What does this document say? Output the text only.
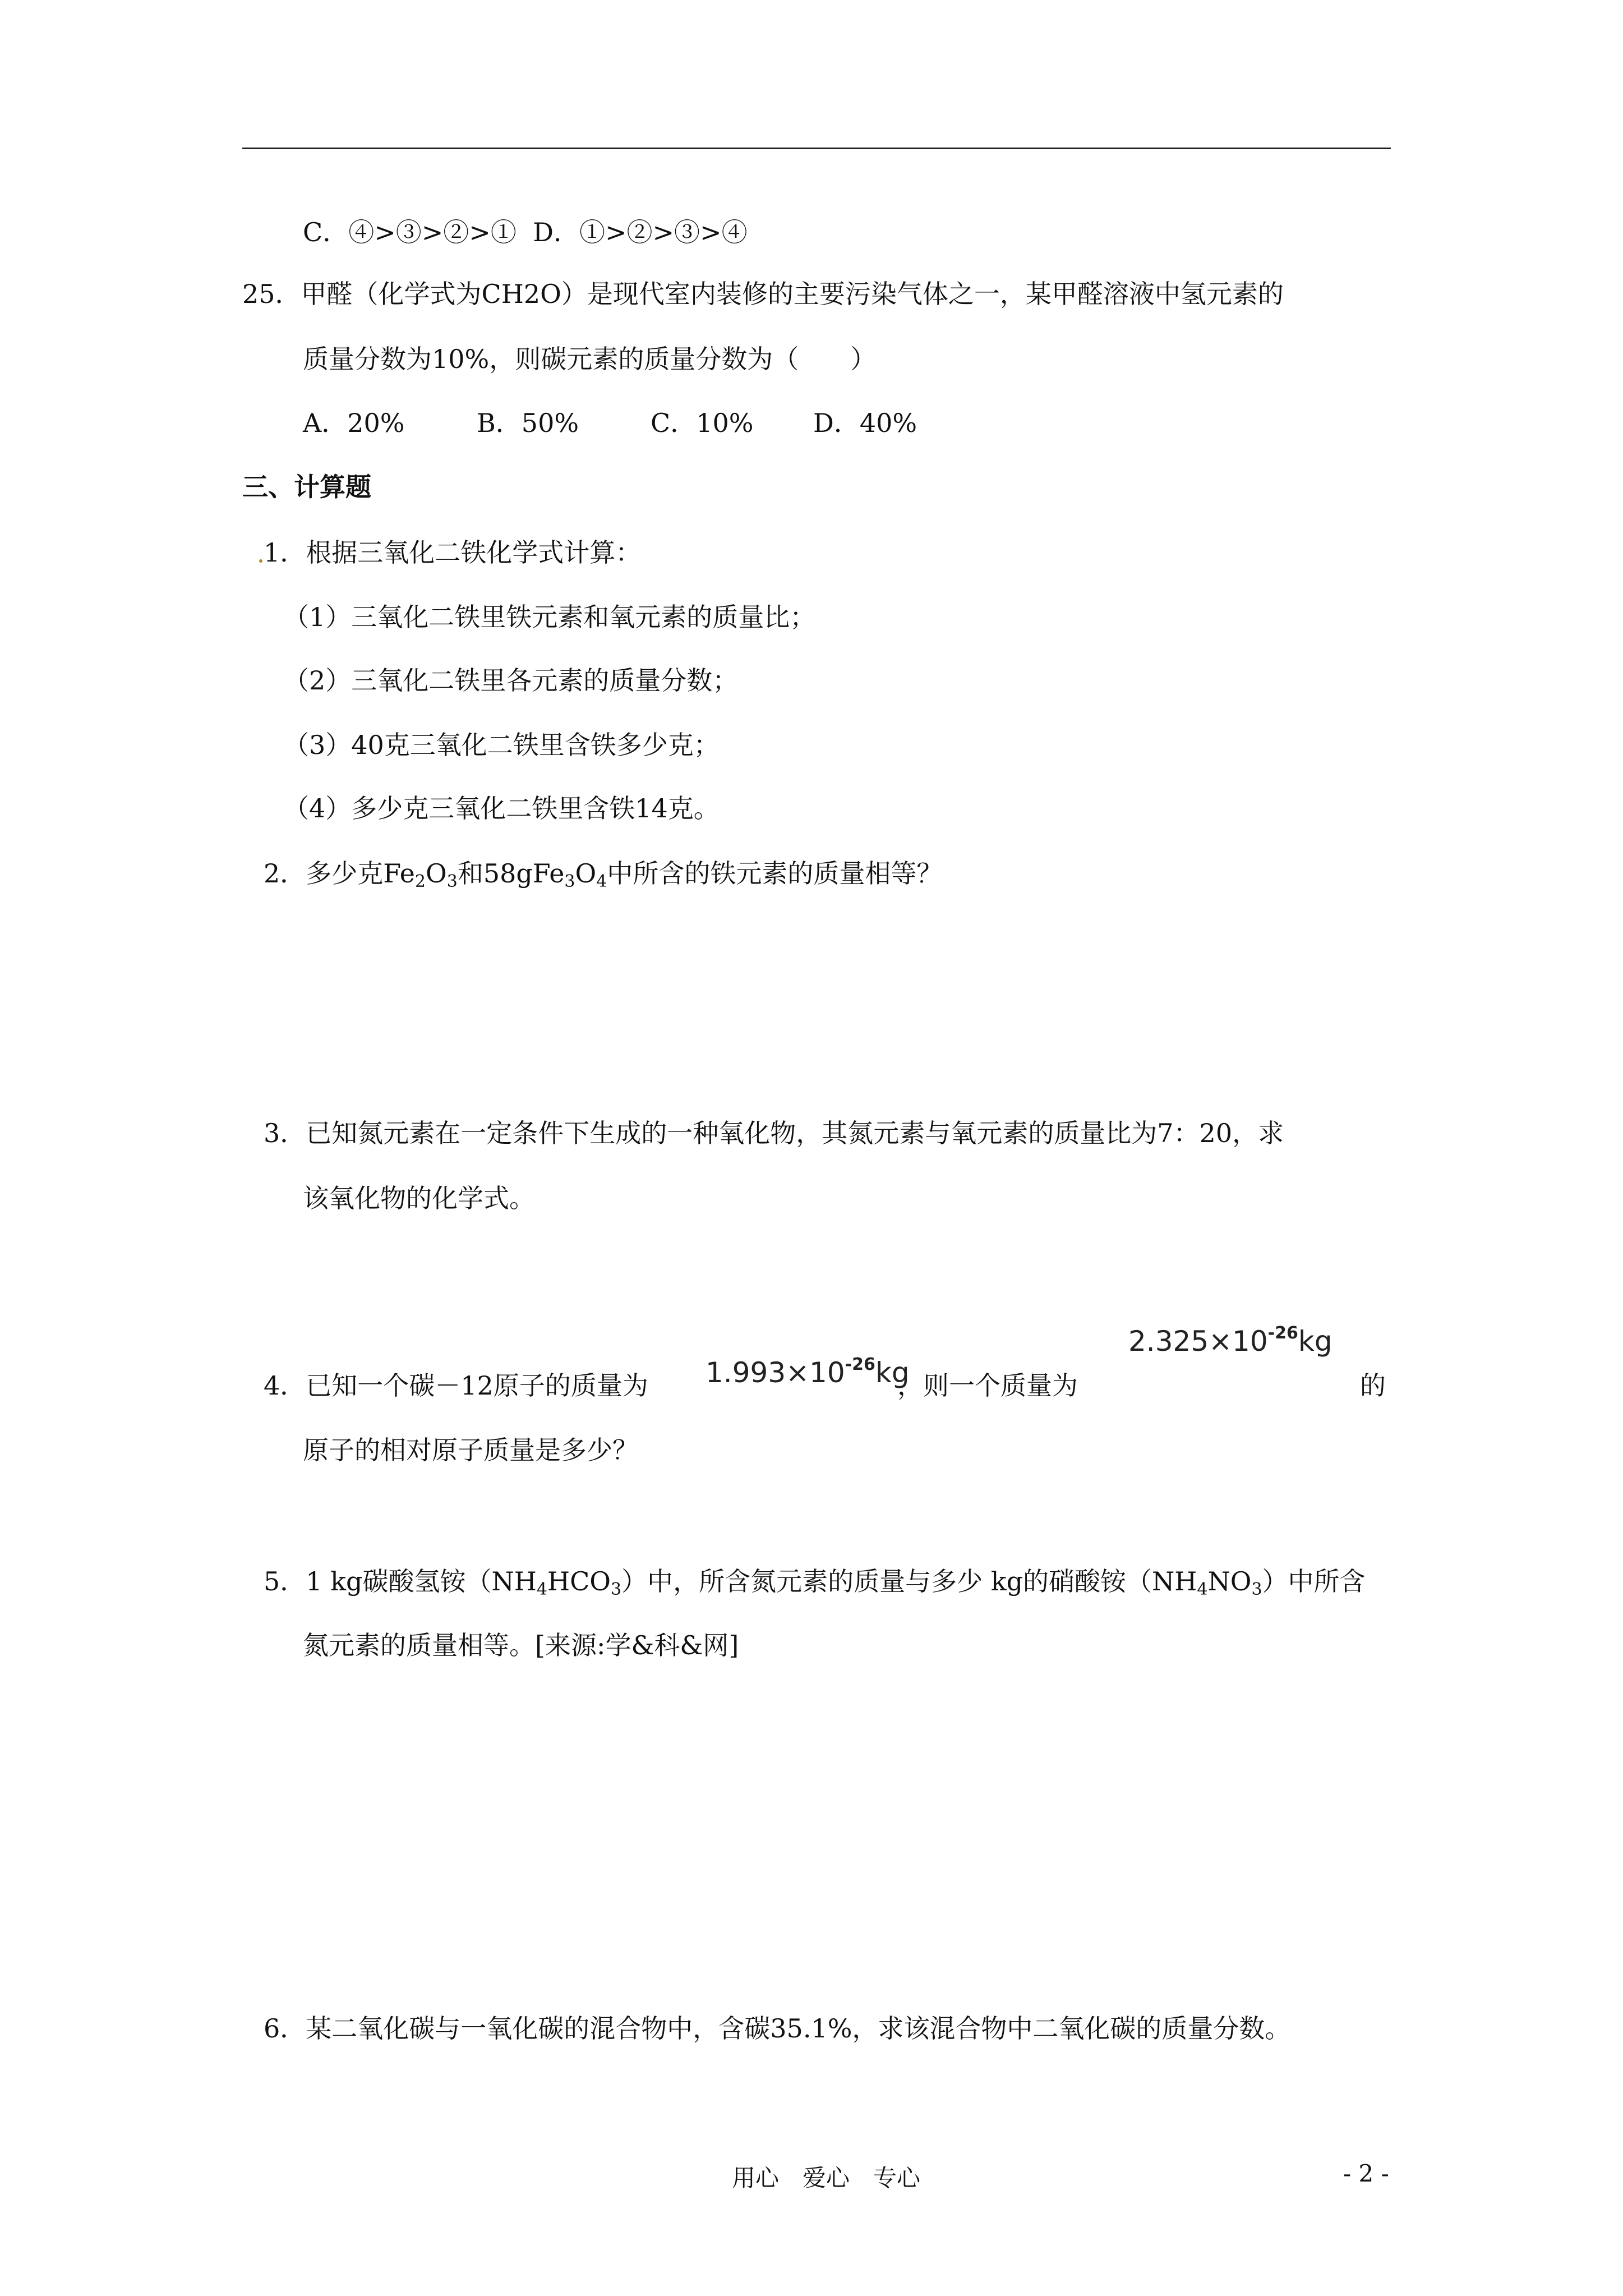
C．④>③>②>① D．①>②>③>④
25．甲醛（化学式为CH2O）是现代室内装修的主要污染气体之一，某甲醛溶液中氢元素的
质量分数为10%，则碳元素的质量分数为（　　）
A．20%	B．50%	C．10% D．40%
三、计算题
1．根据三氧化二铁化学式计算：
（1）三氧化二铁里铁元素和氧元素的质量比；
（2）三氧化二铁里各元素的质量分数；
（3）40克三氧化二铁里含铁多少克；
（4）多少克三氧化二铁里含铁14克。
2．多少克$Fe_2O_3$和$58gFe_3O_4$中所含的铁元素的质量相等？
3．已知氮元素在一定条件下生成的一种氧化物，其氮元素与氧元素的质量比为7：20，求
该氧化物的化学式。
4．已知一个碳－12原子的质量为 $1.993\times 10^{-26}kg$
，则一个质量为
$2.325\times 10^{-26}kg$
的
原子的相对原子质量是多少？
5．1 kg碳酸氢铵$(NH_4HCO_3)$中，所含氮元素的质量与多少 kg的硝酸铵$(NH_4NO_3)$中所含
氮元素的质量相等。[来源:学&科&网]
6．某二氧化碳与一氧化碳的混合物中，含碳35.1%，求该混合物中二氧化碳的质量分数。
用心　爱心　专心	- 2 -
